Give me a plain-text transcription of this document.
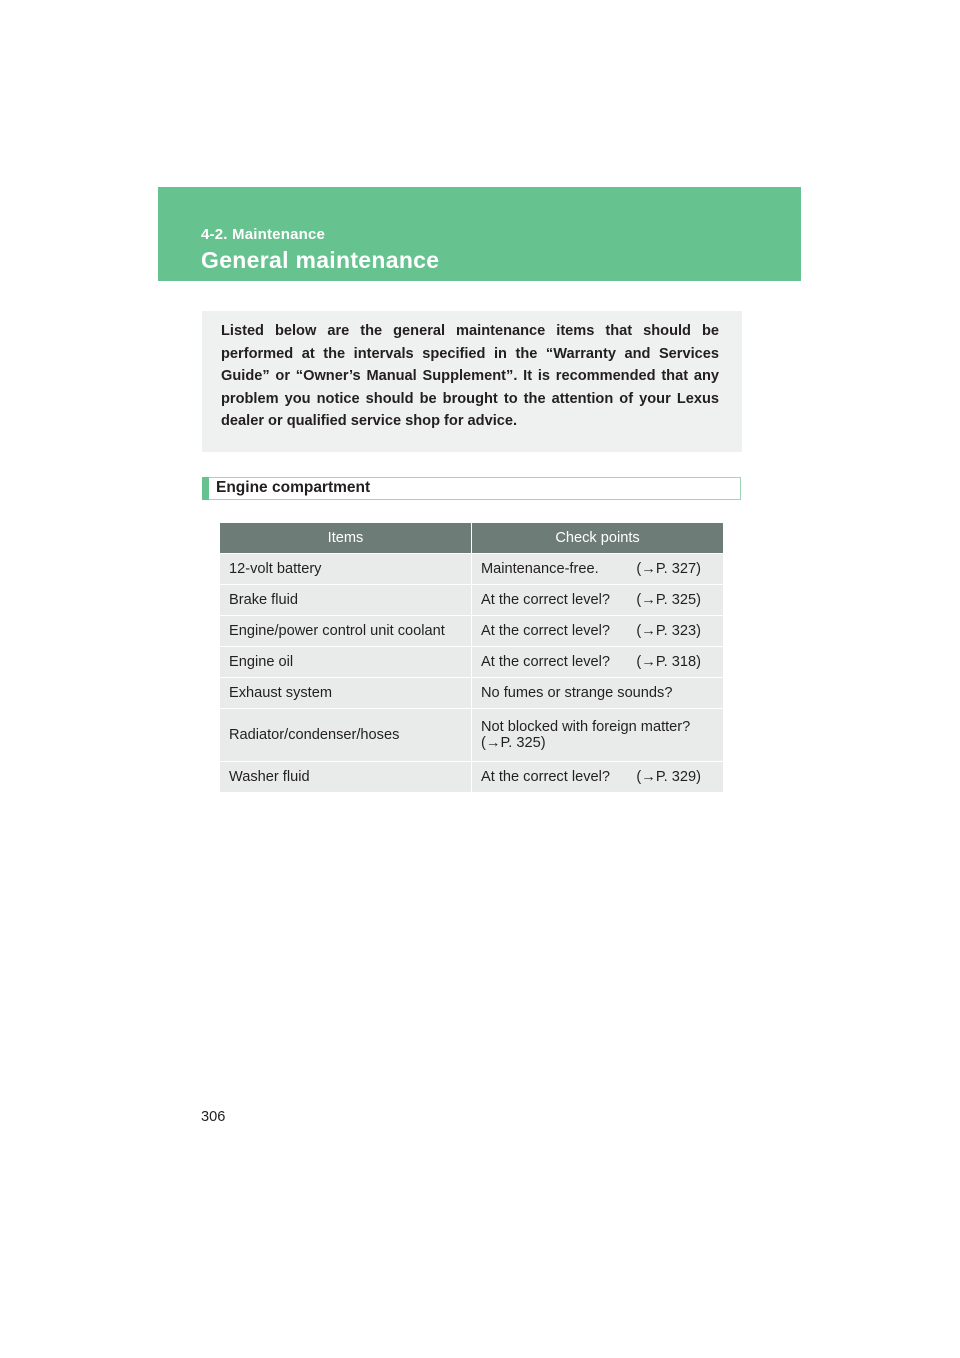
4-2. Maintenance
General maintenance

Listed below are the general maintenance items that should be performed at the intervals specified in the “Warranty and Services Guide” or “Owner’s Manual Supplement”. It is recommended that any problem you notice should be brought to the attention of your Lexus dealer or qualified service shop for advice.

Engine compartment
Items	Check points
12-volt battery	Maintenance-free. (→P. 327)

Brake fluid	At the correct level? (→P. 325)

Engine/power control unit coolant	At the correct level? (→P. 323)

Engine oil	At the correct level? (→P. 318)

Exhaust system	No fumes or strange sounds?
Radiator/condenser/hoses	Not blocked with foreign matter?
(→P. 325)

Washer fluid	At the correct level? (→P. 329)
306
